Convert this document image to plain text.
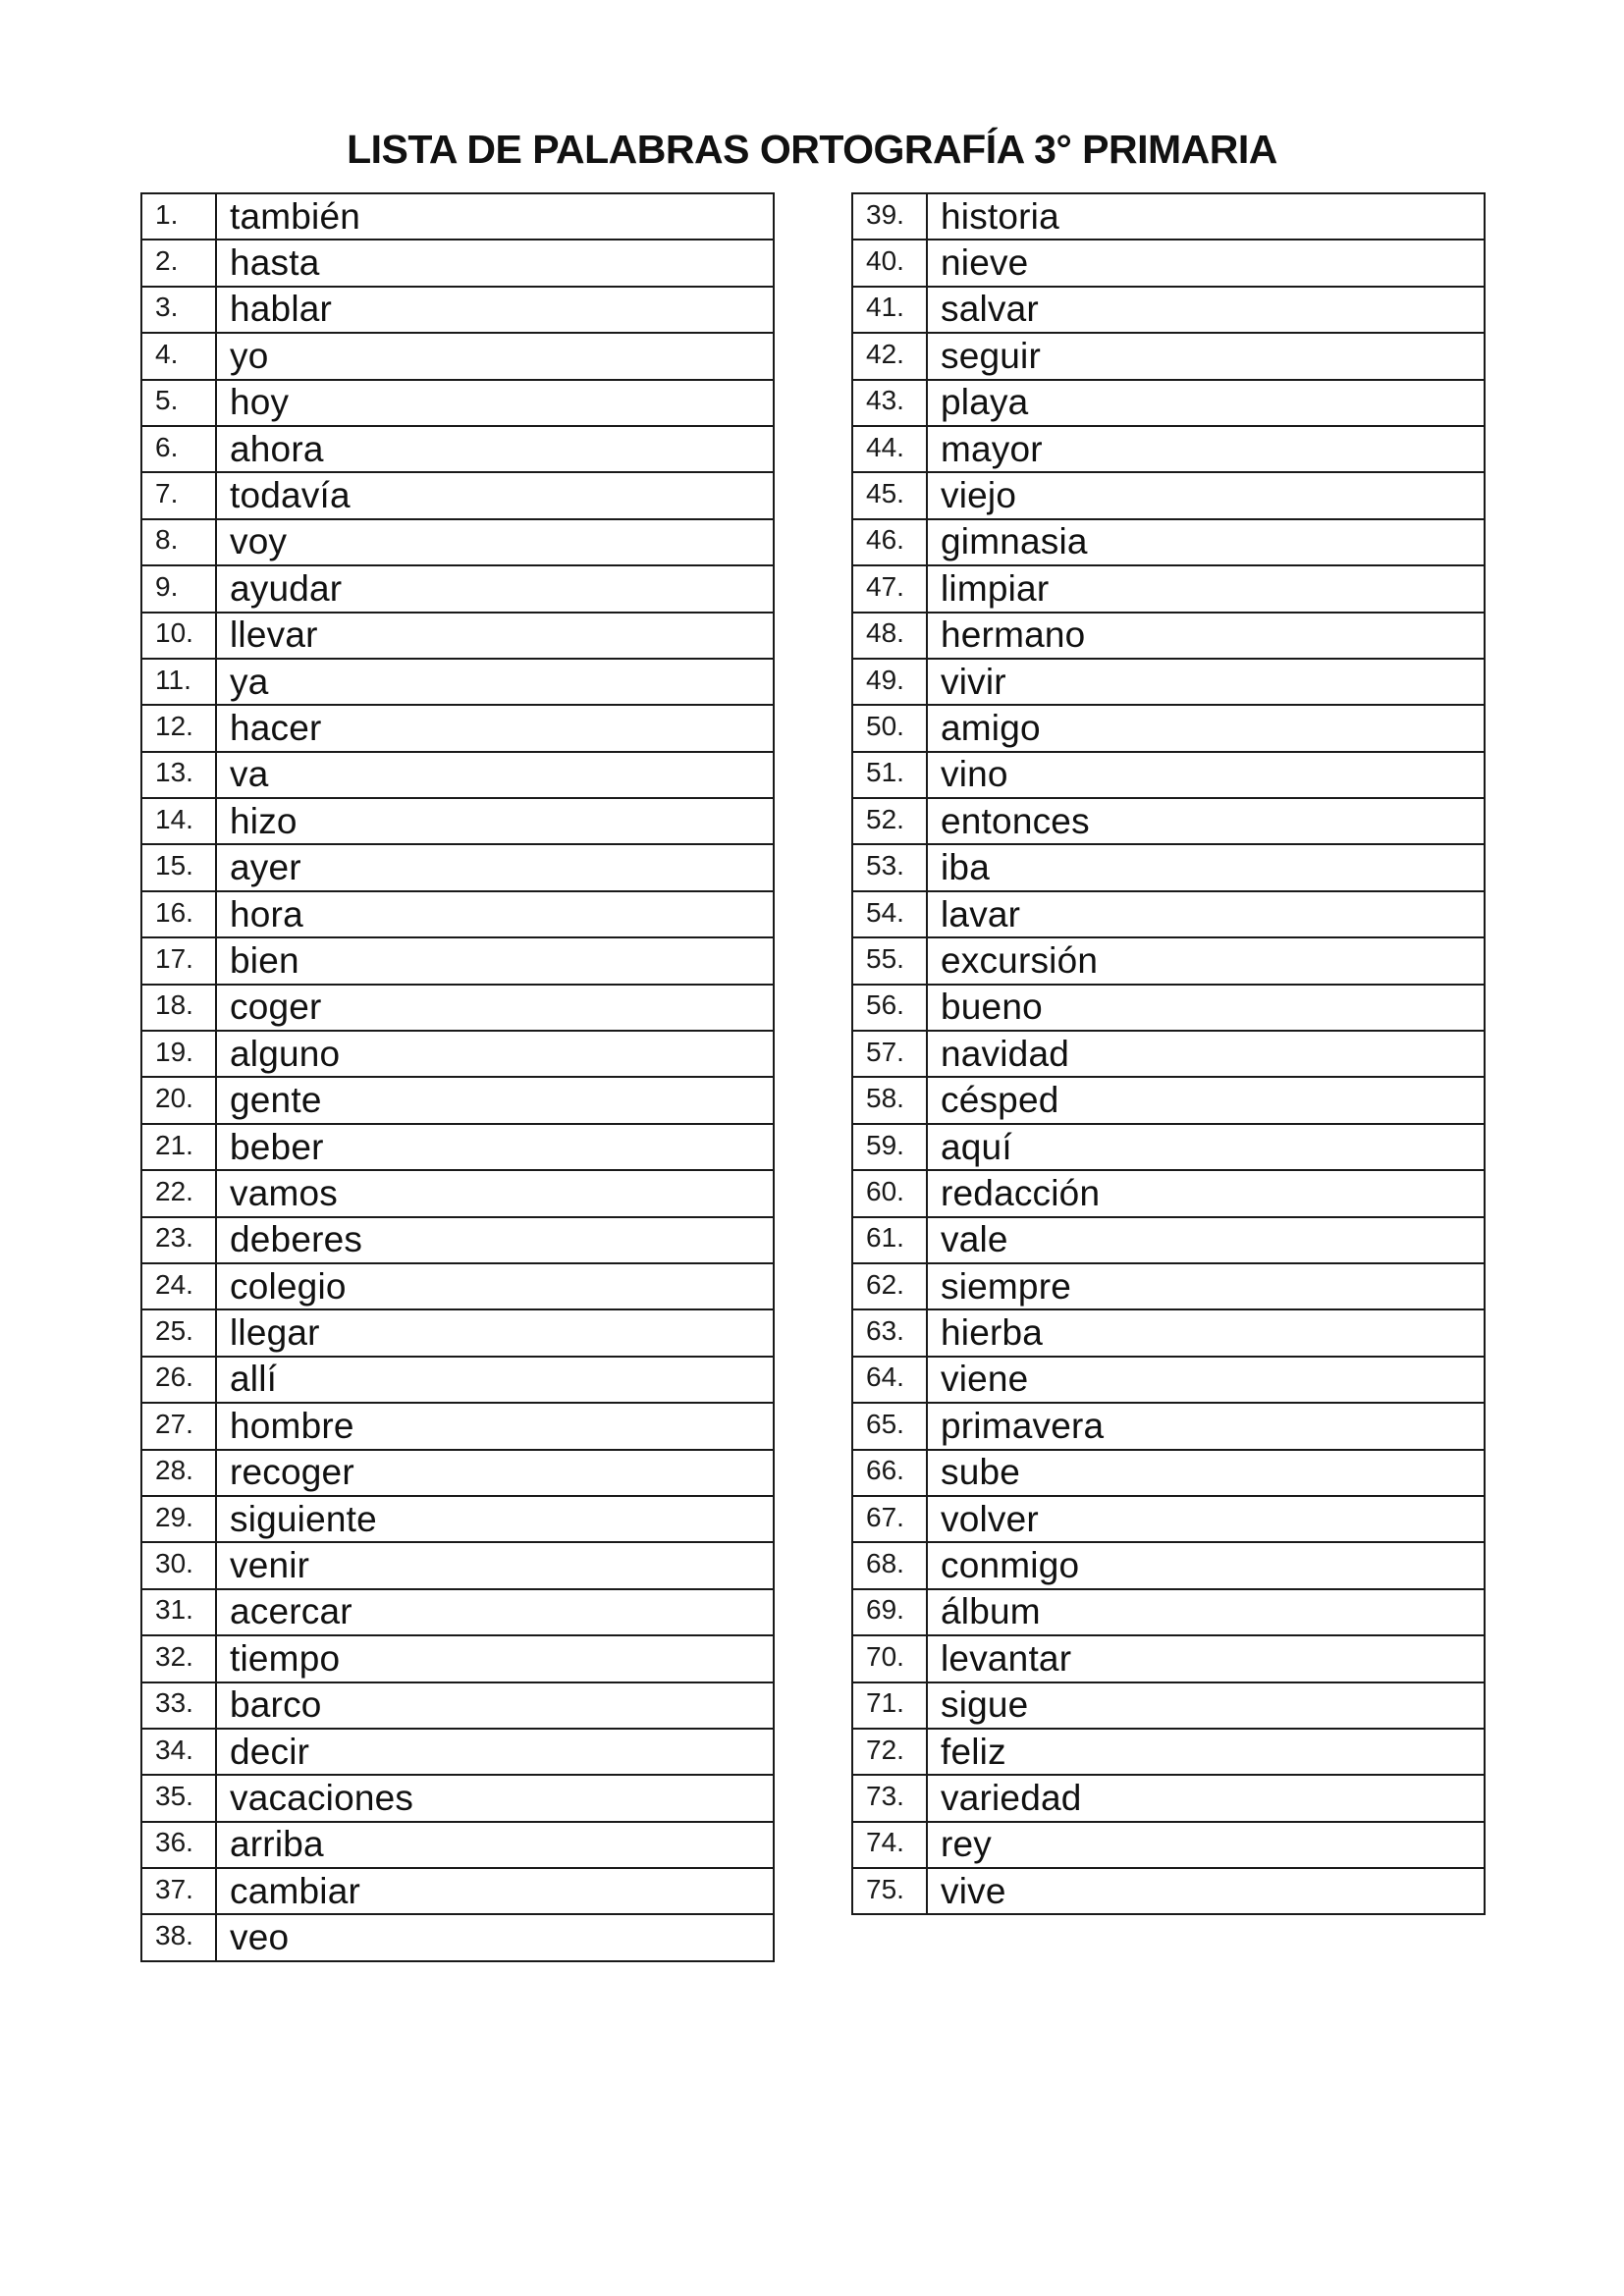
LISTA DE PALABRAS ORTOGRAFÍA 3° PRIMARIA
1.	también
2.	hasta
3.	hablar
4.	yo
5.	hoy
6.	ahora
7.	todavía
8.	voy
9.	ayudar
10.	llevar
11.	ya
12.	hacer
13.	va
14.	hizo
15.	ayer
16.	hora
17.	bien
18.	coger
19.	alguno
20.	gente
21.	beber
22.	vamos
23.	deberes
24.	colegio
25.	llegar
26.	allí
27.	hombre
28.	recoger
29.	siguiente
30.	venir
31.	acercar
32.	tiempo
33.	barco
34.	decir
35.	vacaciones
36.	arriba
37.	cambiar
38.	veo
39.	historia
40.	nieve
41.	salvar
42.	seguir
43.	playa
44.	mayor
45.	viejo
46.	gimnasia
47.	limpiar
48.	hermano
49.	vivir
50.	amigo
51.	vino
52.	entonces
53.	iba
54.	lavar
55.	excursión
56.	bueno
57.	navidad
58.	césped
59.	aquí
60.	redacción
61.	vale
62.	siempre
63.	hierba
64.	viene
65.	primavera
66.	sube
67.	volver
68.	conmigo
69.	álbum
70.	levantar
71.	sigue
72.	feliz
73.	variedad
74.	rey
75.	vive
